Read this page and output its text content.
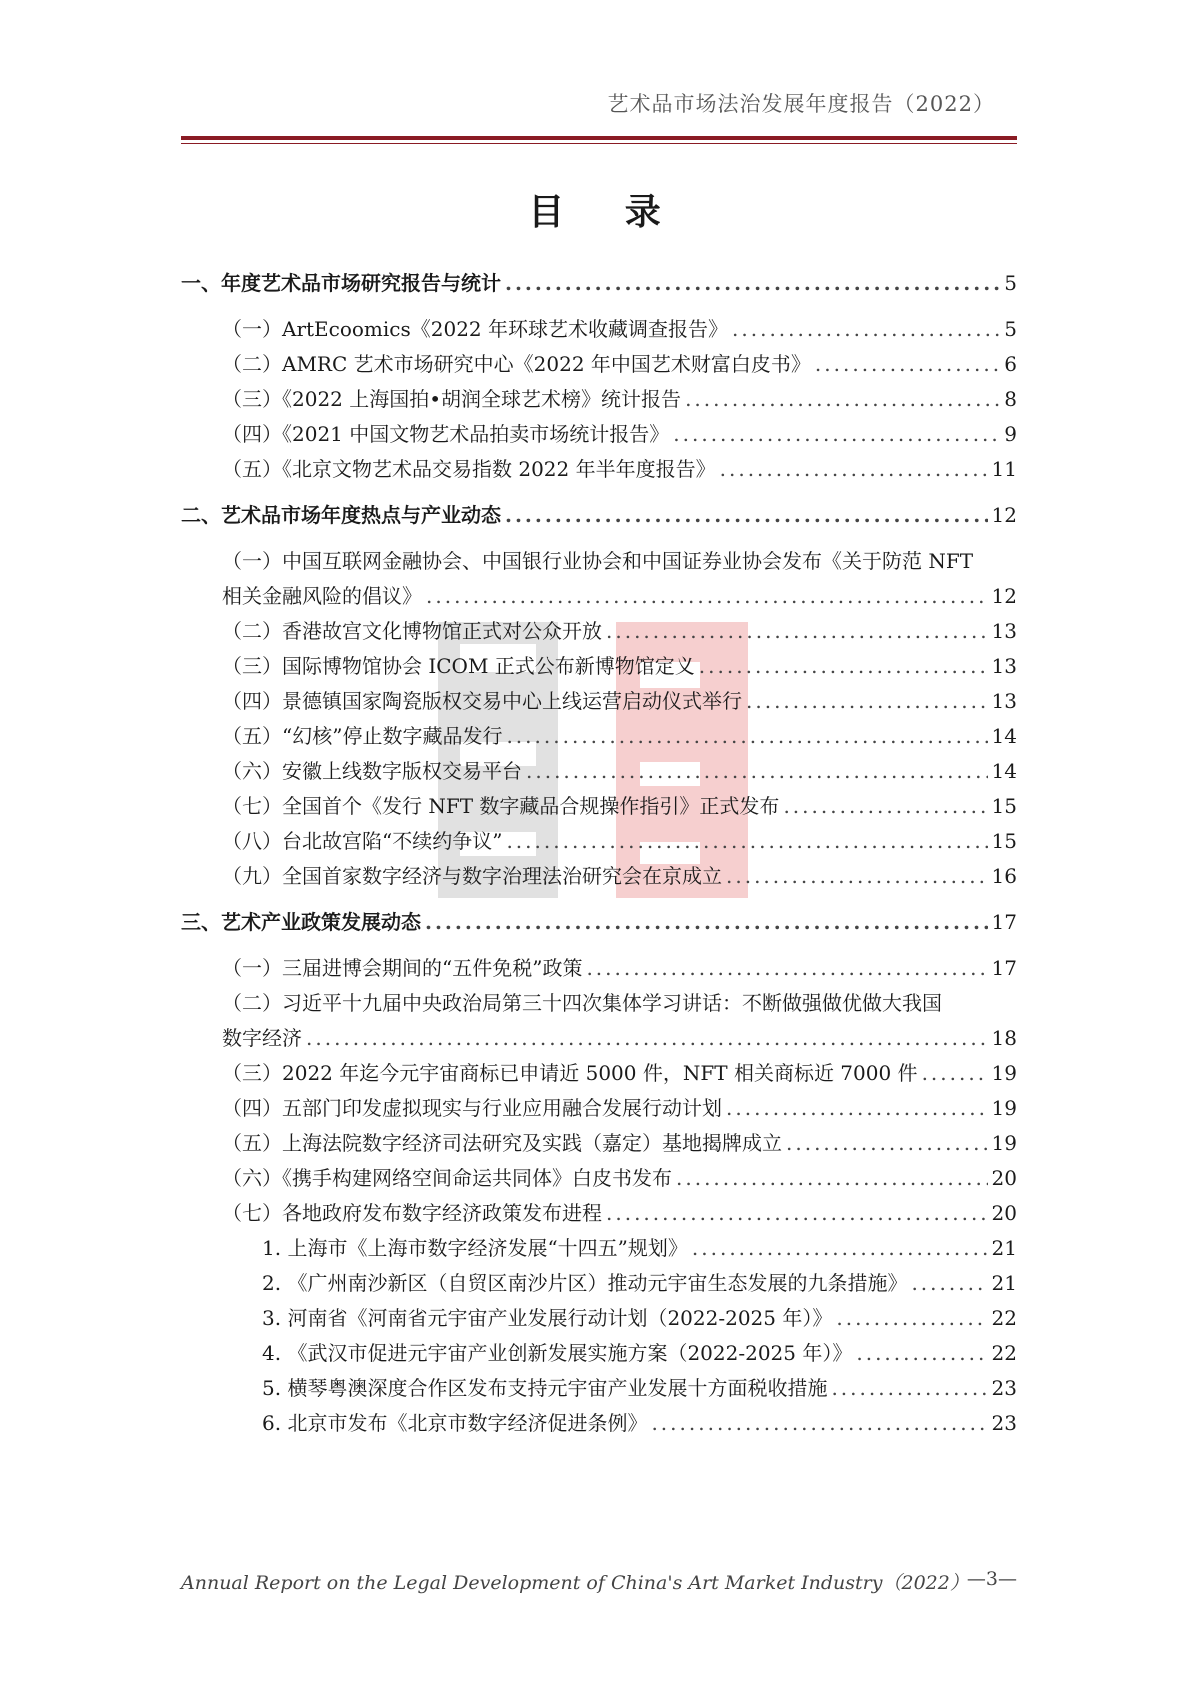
艺术品市场法治发展年度报告（2022）
目 录
一、年度艺术品市场研究报告与统计 .....	5
（一）ArtEcoomics《2022 年环球艺术收藏调查报告》 .....	5
（二）AMRC 艺术市场研究中心《2022 年中国艺术财富白皮书》 .....	6
（三）《2022 上海国拍•胡润全球艺术榜》统计报告 .....	8
（四）《2021 中国文物艺术品拍卖市场统计报告》 .....	9
（五）《北京文物艺术品交易指数 2022 年半年度报告》 .....	11
二、艺术品市场年度热点与产业动态 .....	12
（一）中国互联网金融协会、中国银行业协会和中国证券业协会发布《关于防范 NFT
相关金融风险的倡议》 .....	12
（二）香港故宫文化博物馆正式对公众开放 .....	13
（三）国际博物馆协会 ICOM 正式公布新博物馆定义 .....	13
（四）景德镇国家陶瓷版权交易中心上线运营启动仪式举行 .....	13
（五）“幻核”停止数字藏品发行 .....	14
（六）安徽上线数字版权交易平台 .....	14
（七）全国首个《发行 NFT 数字藏品合规操作指引》正式发布 .....	15
（八）台北故宫陷“不续约争议” .....	15
（九）全国首家数字经济与数字治理法治研究会在京成立 .....	16
三、艺术产业政策发展动态 .....	17
（一）三届进博会期间的“五件免税”政策 .....	17
（二）习近平十九届中央政治局第三十四次集体学习讲话：不断做强做优做大我国
数字经济 .....	18
（三）2022 年迄今元宇宙商标已申请近 5000 件，NFT 相关商标近 7000 件 .....	19
（四）五部门印发虚拟现实与行业应用融合发展行动计划 .....	19
（五）上海法院数字经济司法研究及实践（嘉定）基地揭牌成立 .....	19
（六）《携手构建网络空间命运共同体》白皮书发布 .....	20
（七）各地政府发布数字经济政策发布进程 .....	20
1. 上海市《上海市数字经济发展“十四五”规划》 .....	21
2. 《广州南沙新区（自贸区南沙片区）推动元宇宙生态发展的九条措施》 .....	21
3. 河南省《河南省元宇宙产业发展行动计划（2022-2025 年）》 .....	22
4. 《武汉市促进元宇宙产业创新发展实施方案（2022-2025 年）》 .....	22
5. 横琴粤澳深度合作区发布支持元宇宙产业发展十方面税收措施 .....	23
6. 北京市发布《北京市数字经济促进条例》 .....	23
Annual Report on the Legal Development of China's Art Market Industry（2022）
—3—
